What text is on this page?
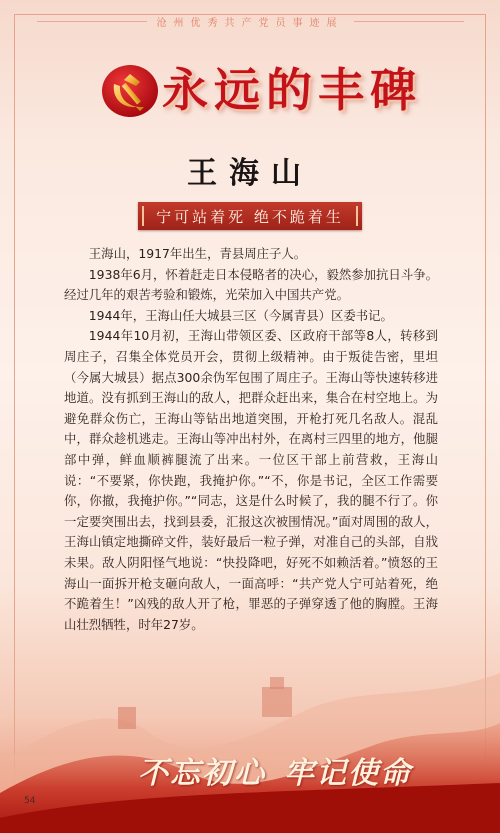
沧州优秀共产党员事迹展
永远的丰碑
王海山
宁可站着死 绝不跪着生

王海山，1917年出生，青县周庄子人。

1938年6月，怀着赶走日本侵略者的决心，毅然参加抗日斗争。经过几年的艰苦考验和锻炼，光荣加入中国共产党。

1944年，王海山任大城县三区（今属青县）区委书记。

1944年10月初，王海山带领区委、区政府干部等8人，转移到周庄子，召集全体党员开会，贯彻上级精神。由于叛徒告密，里坦（今属大城县）据点300余伪军包围了周庄子。王海山等快速转移进地道。没有抓到王海山的敌人，把群众赶出来，集合在村空地上。为避免群众伤亡，王海山等钻出地道突围，开枪打死几名敌人。混乱中，群众趁机逃走。王海山等冲出村外，在离村三四里的地方，他腿部中弹，鲜血顺裤腿流了出来。一位区干部上前营救，王海山说：“不要紧，你快跑，我掩护你。”“不，你是书记，全区工作需要你，你撤，我掩护你。”“同志，这是什么时候了，我的腿不行了。你一定要突围出去，找到县委，汇报这次被围情况。”面对周围的敌人，王海山镇定地撕碎文件，装好最后一粒子弹，对准自己的头部，自戕未果。敌人阴阳怪气地说：“快投降吧，好死不如赖活着。”愤怒的王海山一面拆开枪支砸向敌人，一面高呼：“共产党人宁可站着死，绝不跪着生！”凶残的敌人开了枪，罪恶的子弹穿透了他的胸膛。王海山壮烈牺牲，时年27岁。

不忘初心 牢记使命
54
